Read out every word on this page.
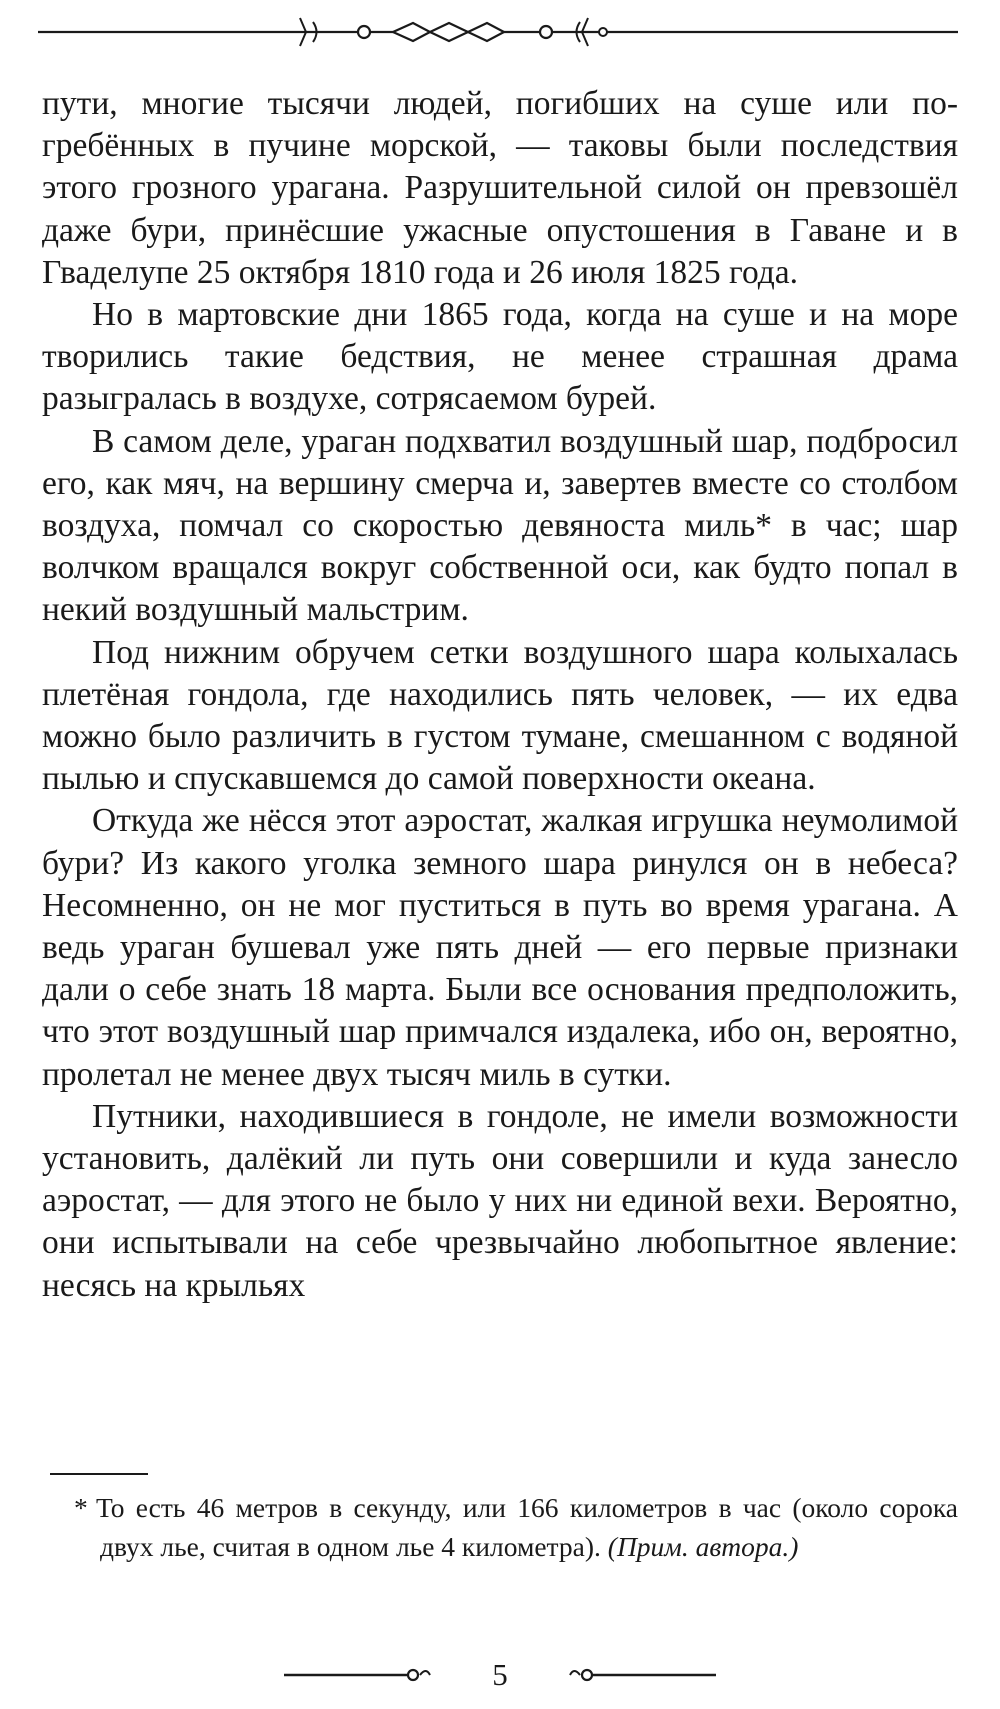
пути, многие тысячи людей, погибших на суше или погребённых в пучине морской, — таковы были последствия этого грозного урагана. Разрушительной силой он превзошёл даже бури, принёсшие ужасные опустошения в Гаване и в Гваделупе 25 октября 1810 года и 26 июля 1825 года.

Но в мартовские дни 1865 года, когда на суше и на море творились такие бедствия, не менее страшная драма разыгралась в воздухе, сотрясаемом бурей.

В самом деле, ураган подхватил воздушный шар, подбросил его, как мяч, на вершину смерча и, завертев вместе со столбом воздуха, помчал со скоростью девяноста миль* в час; шар волчком вращался вокруг собственной оси, как будто попал в некий воздушный мальстрим.

Под нижним обручем сетки воздушного шара колыхалась плетёная гондола, где находились пять человек, — их едва можно было различить в густом тумане, смешанном с водяной пылью и спускавшемся до самой поверхности океана.

Откуда же нёсся этот аэростат, жалкая игрушка неумолимой бури? Из какого уголка земного шара ринулся он в небеса? Несомненно, он не мог пуститься в путь во время урагана. А ведь ураган бушевал уже пять дней — его первые признаки дали о себе знать 18 марта. Были все основания предположить, что этот воздушный шар примчался издалека, ибо он, вероятно, пролетал не менее двух тысяч миль в сутки.

Путники, находившиеся в гондоле, не имели возможности установить, далёкий ли путь они совершили и куда занесло аэростат, — для этого не было у них ни единой вехи. Вероятно, они испытывали на себе чрезвычайно любопытное явление: несясь на крыльях

* То есть 46 метров в секунду, или 166 километров в час (около сорока двух лье, считая в одном лье 4 километра). (Прим. автора.)
5
